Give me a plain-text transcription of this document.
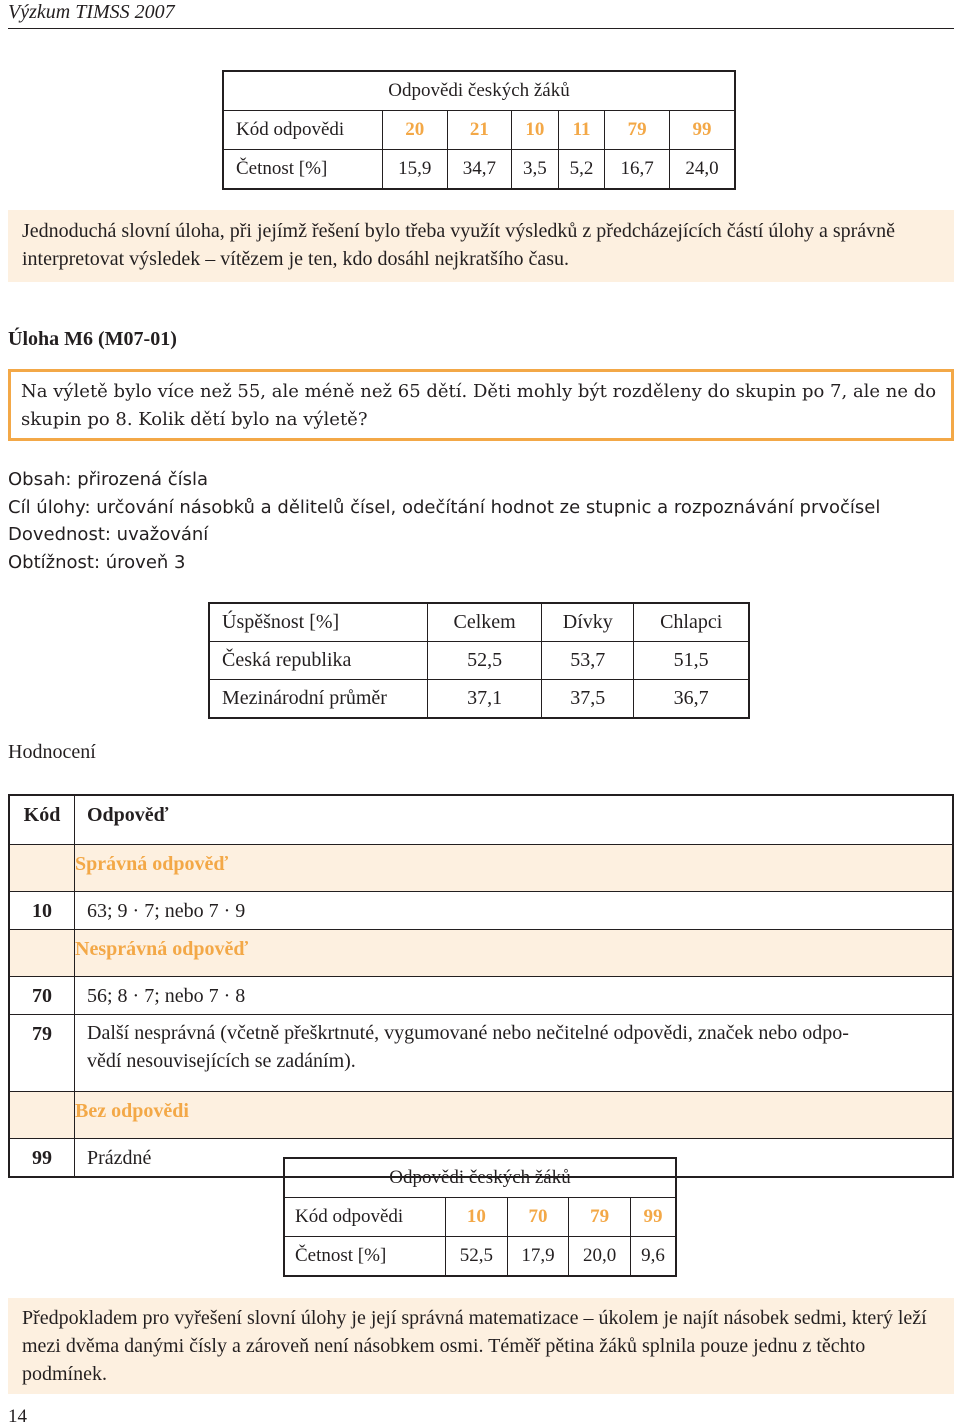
Výzkum TIMSS 2007
Odpovědi českých žáků						
Kód odpovědi	20	21	10	11	79	99
Četnost [%]	15,9	34,7	3,5	5,2	16,7	24,0
Jednoduchá slovní úloha, při jejímž řešení bylo třeba využít výsledků z předcházejících částí úlohy a správně interpretovat výsledek – vítězem je ten, kdo dosáhl nejkratšího času.
Úloha M6 (M07-01)
Na výletě bylo více než 55, ale méně než 65 dětí. Děti mohly být rozděleny do skupin po 7, ale ne do skupin po 8. Kolik dětí bylo na výletě?
Obsah: přirozená čísla
Cíl úlohy: určování násobků a dělitelů čísel, odečítání hodnot ze stupnic a rozpoznávání prvočísel
Dovednost: uvažování
Obtížnost: úroveň 3
Úspěšnost [%]	Celkem	Dívky	Chlapci
Česká republika	52,5	53,7	51,5
Mezinárodní průměr	37,1	37,5	36,7
Hodnocení
Kód	Odpověď
	Správná odpověď
10	63; 9 · 7; nebo 7 · 9
	Nesprávná odpověď
70	56; 8 · 7; nebo 7 · 8
79	Další nesprávná (včetně přeškrtnuté, vygumované nebo nečitelné odpovědi, značek nebo odpo-
vědí nesouvisejících se zadáním).

	Bez odpovědi
99	Prázdné
Odpovědi českých žáků				
Kód odpovědi	10	70	79	99
Četnost [%]	52,5	17,9	20,0	9,6
Předpokladem pro vyřešení slovní úlohy je její správná matematizace – úkolem je najít násobek sedmi, který leží mezi dvěma danými čísly a zároveň není násobkem osmi. Téměř pětina žáků splnila pouze jednu z těchto podmínek.
14
